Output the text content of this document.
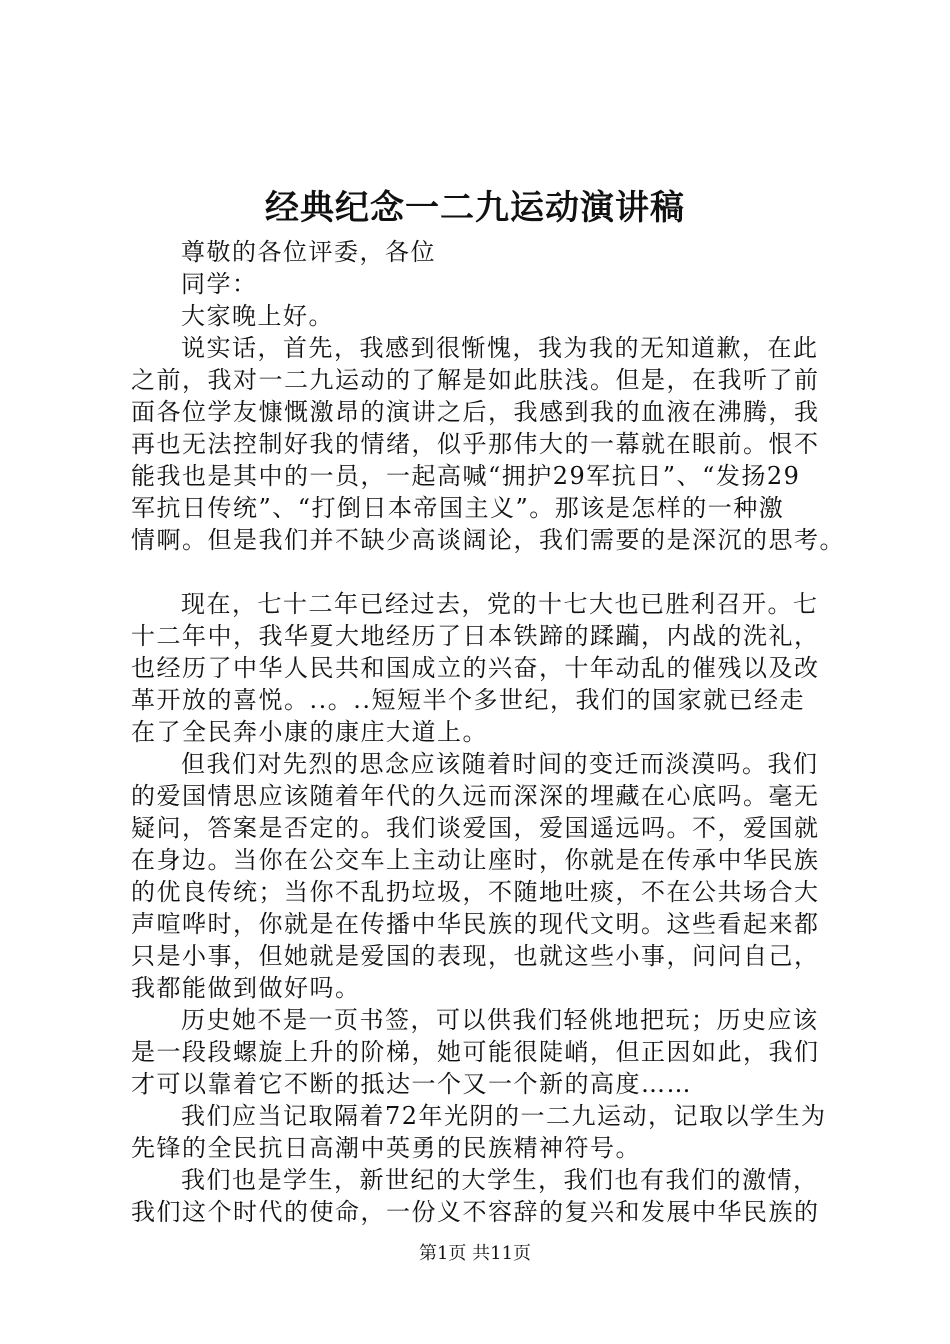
经典纪念一二九运动演讲稿
尊敬的各位评委，各位
同学：
大家晚上好。
说实话，首先，我感到很惭愧，我为我的无知道歉，在此
之前，我对一二九运动的了解是如此肤浅。但是，在我听了前
面各位学友慷慨激昂的演讲之后，我感到我的血液在沸腾，我
再也无法控制好我的情绪，似乎那伟大的一幕就在眼前。恨不
能我也是其中的一员，一起高喊“拥护29军抗日”、“发扬29
军抗日传统”、“打倒日本帝国主义”。那该是怎样的一种激
情啊。但是我们并不缺少高谈阔论，我们需要的是深沉的思考。
现在，七十二年已经过去，党的十七大也已胜利召开。七
十二年中，我华夏大地经历了日本铁蹄的蹂躏，内战的洗礼，
也经历了中华人民共和国成立的兴奋，十年动乱的催残以及改
革开放的喜悦。..。..短短半个多世纪，我们的国家就已经走
在了全民奔小康的康庄大道上。
但我们对先烈的思念应该随着时间的变迁而淡漠吗。我们
的爱国情思应该随着年代的久远而深深的埋藏在心底吗。毫无
疑问，答案是否定的。我们谈爱国，爱国遥远吗。不，爱国就
在身边。当你在公交车上主动让座时，你就是在传承中华民族
的优良传统；当你不乱扔垃圾，不随地吐痰，不在公共场合大
声喧哗时，你就是在传播中华民族的现代文明。这些看起来都
只是小事，但她就是爱国的表现，也就这些小事，问问自己，
我都能做到做好吗。
历史她不是一页书签，可以供我们轻佻地把玩；历史应该
是一段段螺旋上升的阶梯，她可能很陡峭，但正因如此，我们
才可以靠着它不断的抵达一个又一个新的高度……
我们应当记取隔着72年光阴的一二九运动，记取以学生为
先锋的全民抗日高潮中英勇的民族精神符号。
我们也是学生，新世纪的大学生，我们也有我们的激情，
我们这个时代的使命，一份义不容辞的复兴和发展中华民族的
第1页 共11页
